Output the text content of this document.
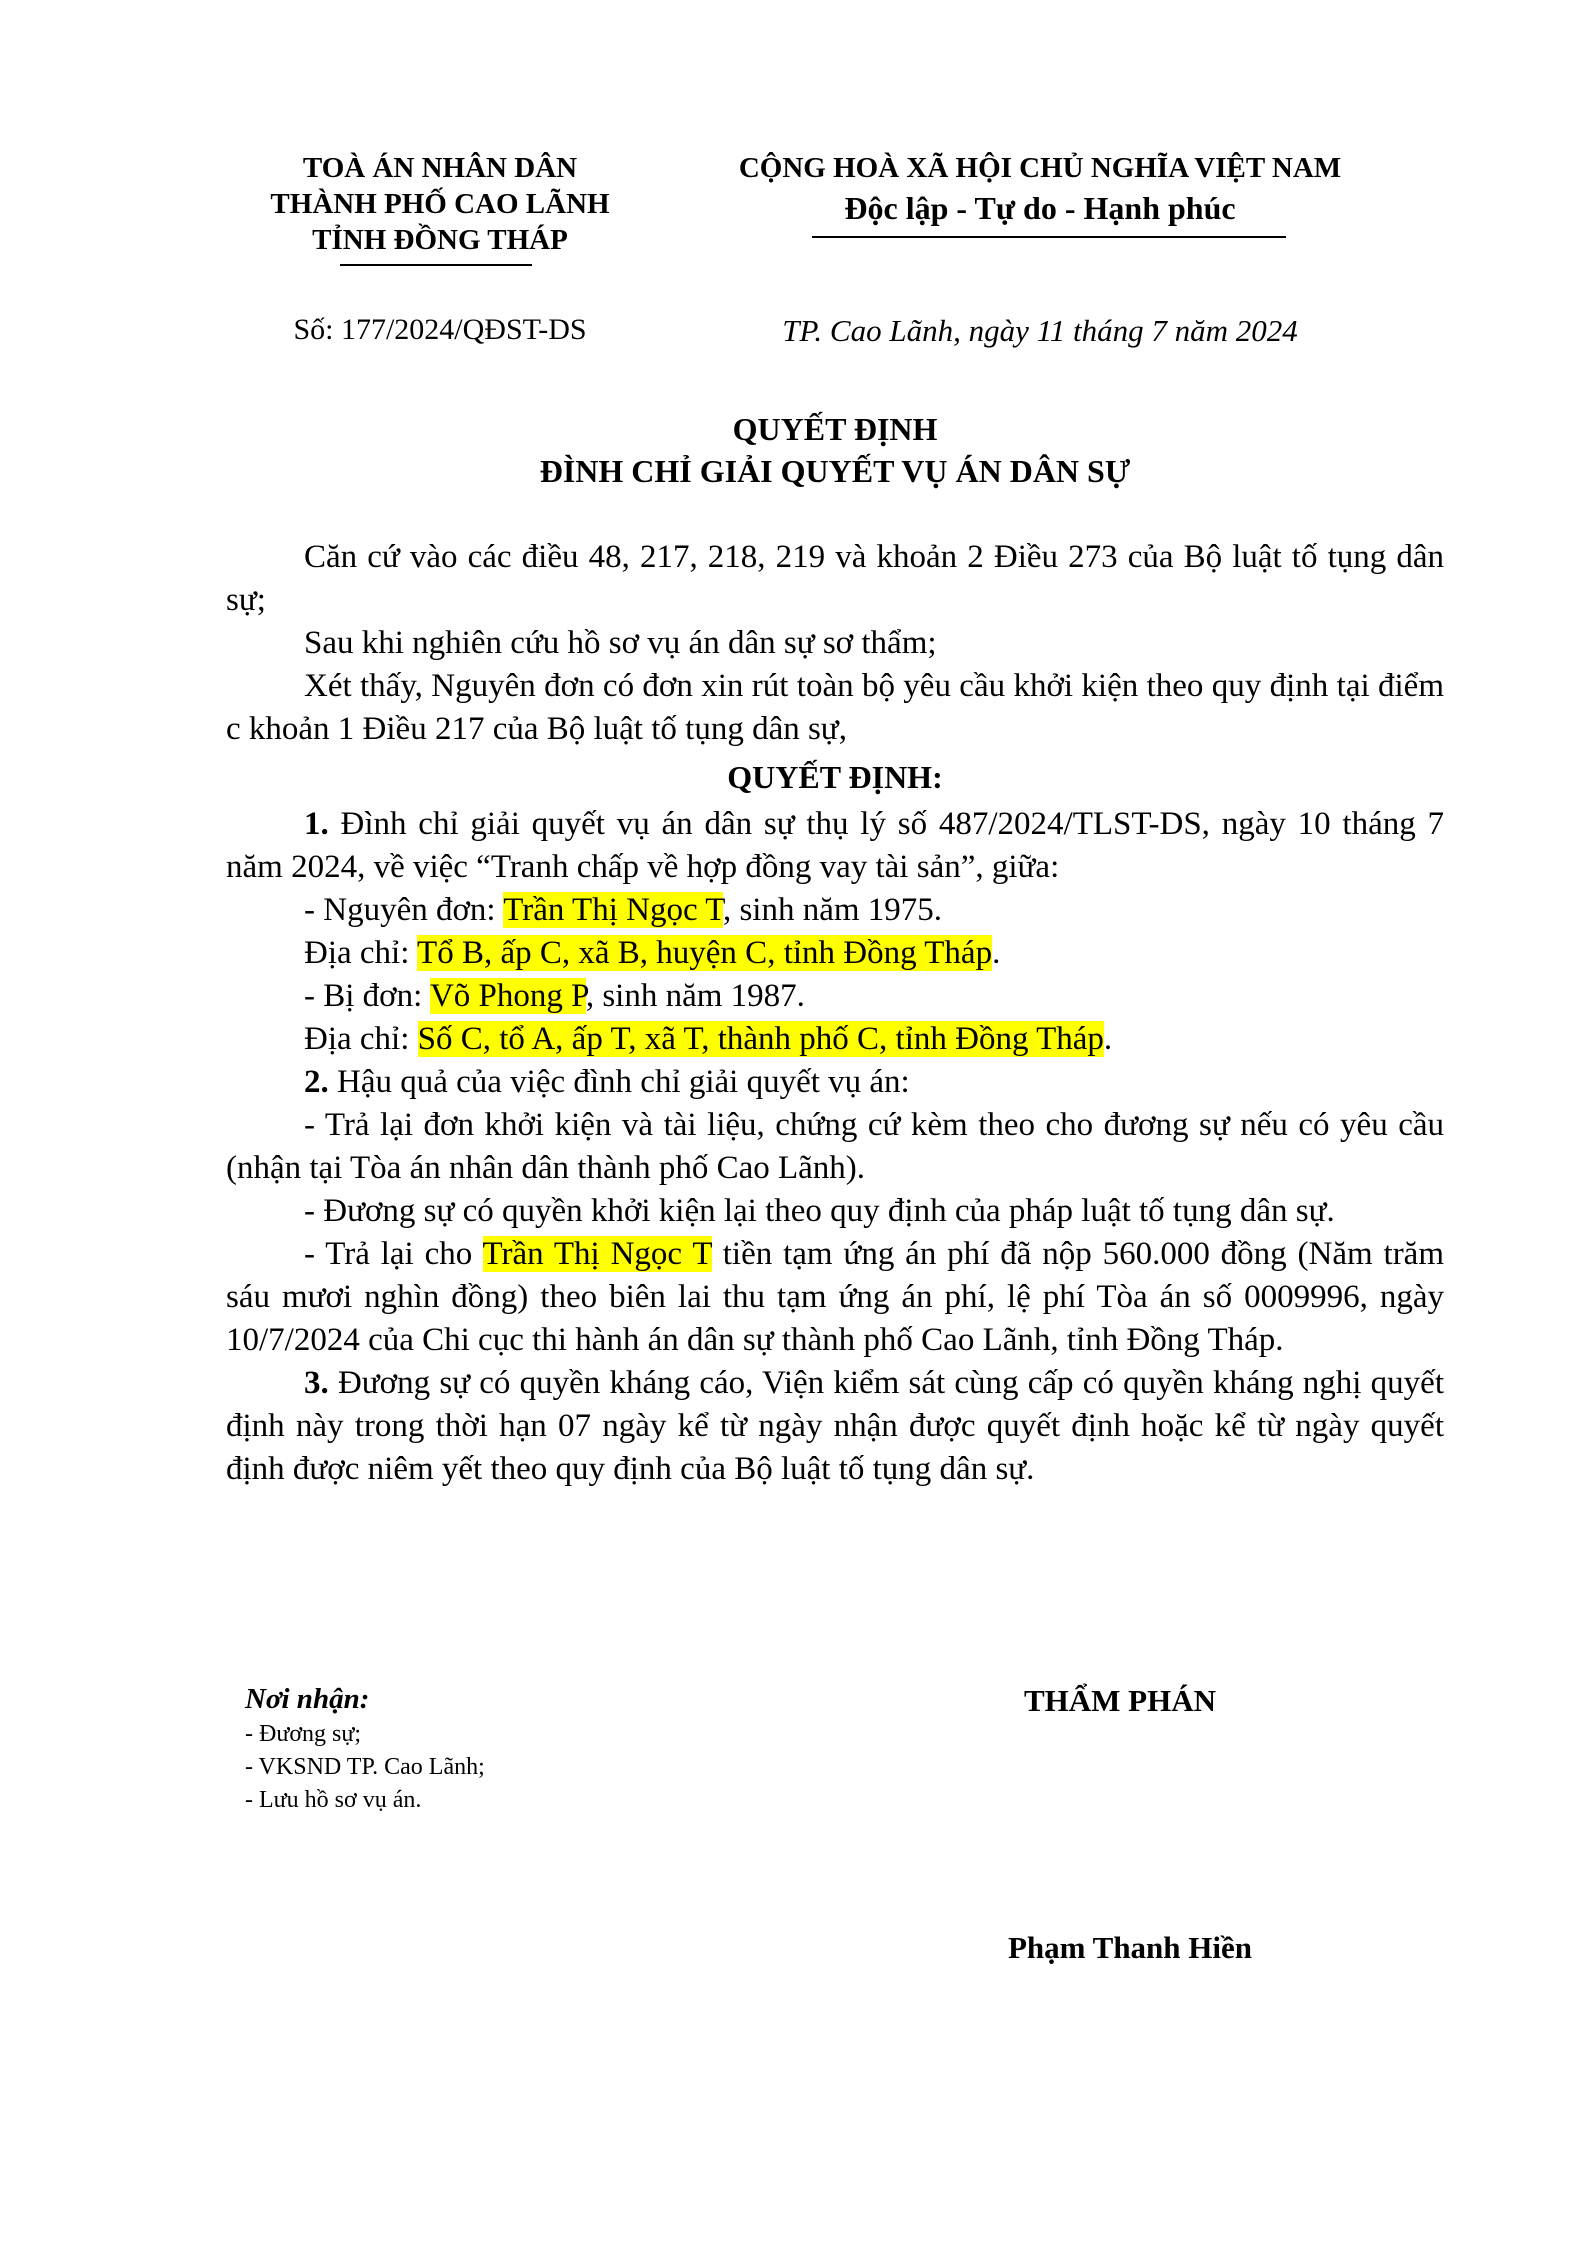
TOÀ ÁN NHÂN DÂN
THÀNH PHỐ CAO LÃNH
TỈNH ĐỒNG THÁP
CỘNG HOÀ XÃ HỘI CHỦ NGHĨA VIỆT NAM
Độc lập - Tự do - Hạnh phúc
Số: 177/2024/QĐST-DS	TP. Cao Lãnh, ngày 11 tháng 7 năm 2024
QUYẾT ĐỊNH
ĐÌNH CHỈ GIẢI QUYẾT VỤ ÁN DÂN SỰ

Căn cứ vào các điều 48, 217, 218, 219 và khoản 2 Điều 273 của Bộ luật tố tụng dân sự;

Sau khi nghiên cứu hồ sơ vụ án dân sự sơ thẩm;

Xét thấy, Nguyên đơn có đơn xin rút toàn bộ yêu cầu khởi kiện theo quy định tại điểm c khoản 1 Điều 217 của Bộ luật tố tụng dân sự,

QUYẾT ĐỊNH:

1. Đình chỉ giải quyết vụ án dân sự thụ lý số 487/2024/TLST-DS, ngày 10 tháng 7 năm 2024, về việc “Tranh chấp về hợp đồng vay tài sản”, giữa:

- Nguyên đơn: Trần Thị Ngọc T, sinh năm 1975.

Địa chỉ: Tổ B, ấp C, xã B, huyện C, tỉnh Đồng Tháp.

- Bị đơn: Võ Phong P, sinh năm 1987.

Địa chỉ: Số C, tổ A, ấp T, xã T, thành phố C, tỉnh Đồng Tháp.

2. Hậu quả của việc đình chỉ giải quyết vụ án:

- Trả lại đơn khởi kiện và tài liệu, chứng cứ kèm theo cho đương sự nếu có yêu cầu (nhận tại Tòa án nhân dân thành phố Cao Lãnh).

- Đương sự có quyền khởi kiện lại theo quy định của pháp luật tố tụng dân sự.

- Trả lại cho Trần Thị Ngọc T tiền tạm ứng án phí đã nộp 560.000 đồng (Năm trăm sáu mươi nghìn đồng) theo biên lai thu tạm ứng án phí, lệ phí Tòa án số 0009996, ngày 10/7/2024 của Chi cục thi hành án dân sự thành phố Cao Lãnh, tỉnh Đồng Tháp.

3. Đương sự có quyền kháng cáo, Viện kiểm sát cùng cấp có quyền kháng nghị quyết định này trong thời hạn 07 ngày kể từ ngày nhận được quyết định hoặc kể từ ngày quyết định được niêm yết theo quy định của Bộ luật tố tụng dân sự.

Nơi nhận:
- Đương sự;
- VKSND TP. Cao Lãnh;
- Lưu hồ sơ vụ án.
THẨM PHÁN
Phạm Thanh Hiền
